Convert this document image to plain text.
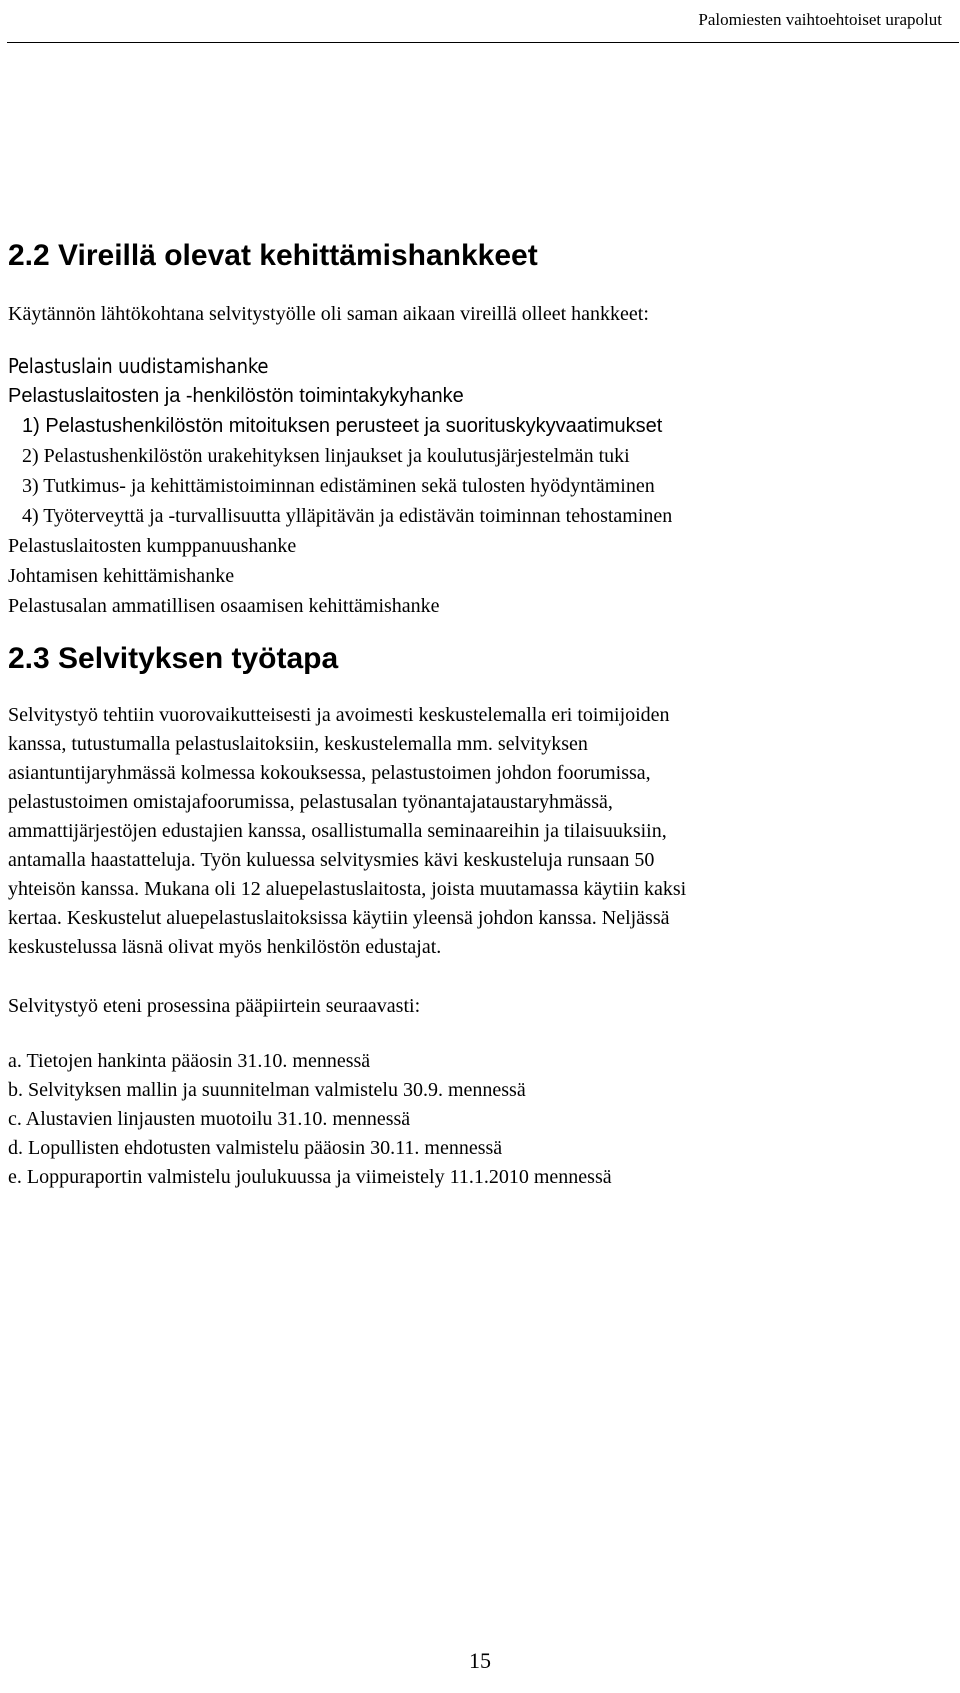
Palomiesten vaihtoehtoiset urapolut
2.2 Vireillä olevat kehittämishankkeet

Käytännön lähtökohtana selvitystyölle oli saman aikaan vireillä olleet hankkeet:

Pelastuslain uudistamishanke

Pelastuslaitosten ja -henkilöstön toimintakykyhanke

1) Pelastushenkilöstön mitoituksen perusteet ja suorituskykyvaatimukset

2) Pelastushenkilöstön urakehityksen linjaukset ja koulutusjärjestelmän tuki

3) Tutkimus- ja kehittämistoiminnan edistäminen sekä tulosten hyödyntäminen

4) Työterveyttä ja -turvallisuutta ylläpitävän ja edistävän toiminnan tehostaminen

Pelastuslaitosten kumppanuushanke

Johtamisen kehittämishanke

Pelastusalan ammatillisen osaamisen kehittämishanke

2.3 Selvityksen työtapa

Selvitystyö tehtiin vuorovaikutteisesti ja avoimesti keskustelemalla eri toimijoiden
kanssa, tutustumalla pelastuslaitoksiin, keskustelemalla mm. selvityksen
asiantuntijaryhmässä kolmessa kokouksessa, pelastustoimen johdon foorumissa,
pelastustoimen omistajafoorumissa, pelastusalan työnantajataustaryhmässä,
ammattijärjestöjen edustajien kanssa, osallistumalla seminaareihin ja tilaisuuksiin,
antamalla haastatteluja. Työn kuluessa selvitysmies kävi keskusteluja runsaan 50
yhteisön kanssa. Mukana oli 12 aluepelastuslaitosta, joista muutamassa käytiin kaksi
kertaa. Keskustelut aluepelastuslaitoksissa käytiin yleensä johdon kanssa. Neljässä
keskustelussa läsnä olivat myös henkilöstön edustajat.

Selvitystyö eteni prosessina pääpiirtein seuraavasti:

a. Tietojen hankinta pääosin 31.10. mennessä

b. Selvityksen mallin ja suunnitelman valmistelu 30.9. mennessä

c. Alustavien linjausten muotoilu 31.10. mennessä

d. Lopullisten ehdotusten valmistelu pääosin 30.11. mennessä

e. Loppuraportin valmistelu joulukuussa ja viimeistely 11.1.2010 mennessä

15
